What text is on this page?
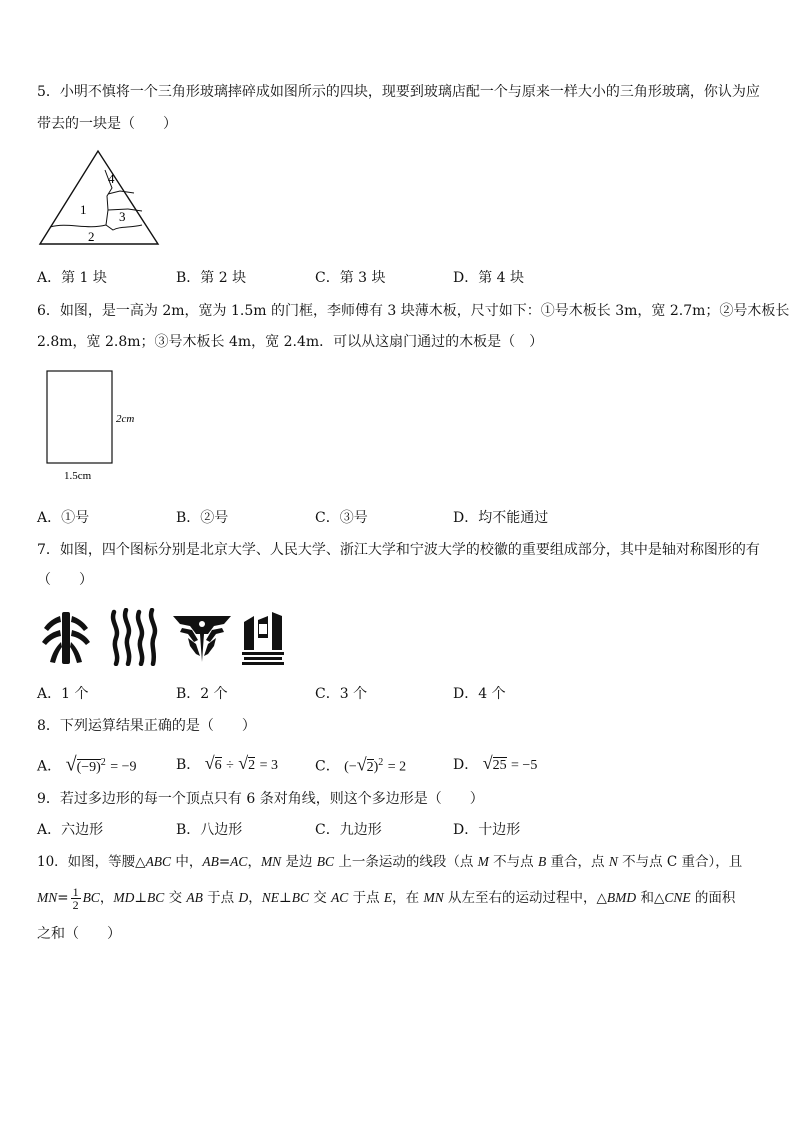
5．小明不慎将一个三角形玻璃摔碎成如图所示的四块，现要到玻璃店配一个与原来一样大小的三角形玻璃，你认为应
带去的一块是（　　）
1
2
3
4
A．第 1 块	B．第 2 块	C．第 3 块	D．第 4 块
6．如图，是一高为 2m，宽为 1.5m 的门框，李师傅有 3 块薄木板，尺寸如下：①号木板长 3m，宽 2.7m；②号木板长
2.8m，宽 2.8m；③号木板长 4m，宽 2.4m．可以从这扇门通过的木板是（　）
2cm
1.5cm
A．①号	B．②号	C．③号	D．均不能通过
7．如图，四个图标分别是北京大学、人民大学、浙江大学和宁波大学的校徽的重要组成部分，其中是轴对称图形的有
（　　）
A．1 个	B．2 个	C．3 个	D．4 个
8．下列运算结果正确的是（　　）
A． $√(-9)^2 = -9$	B． √6 ÷ √2 = 3	C． $(-√2)^2 = 2$	D． √25 = −5
9．若过多边形的每一个顶点只有 6 条对角线，则这个多边形是（　　）
A．六边形	B．八边形	C．九边形	D．十边形
10．如图，等腰△ABC 中，AB=AC，MN 是边 BC 上一条运动的线段（点 M 不与点 B 重合，点 N 不与点 C 重合），且
$MN= \frac{1}{2}$ BC，MD⊥BC 交 AB 于点 D，NE⊥BC 交 AC 于点 E，在 MN 从左至右的运动过程中，△BMD 和△CNE 的面积
之和（　　）
